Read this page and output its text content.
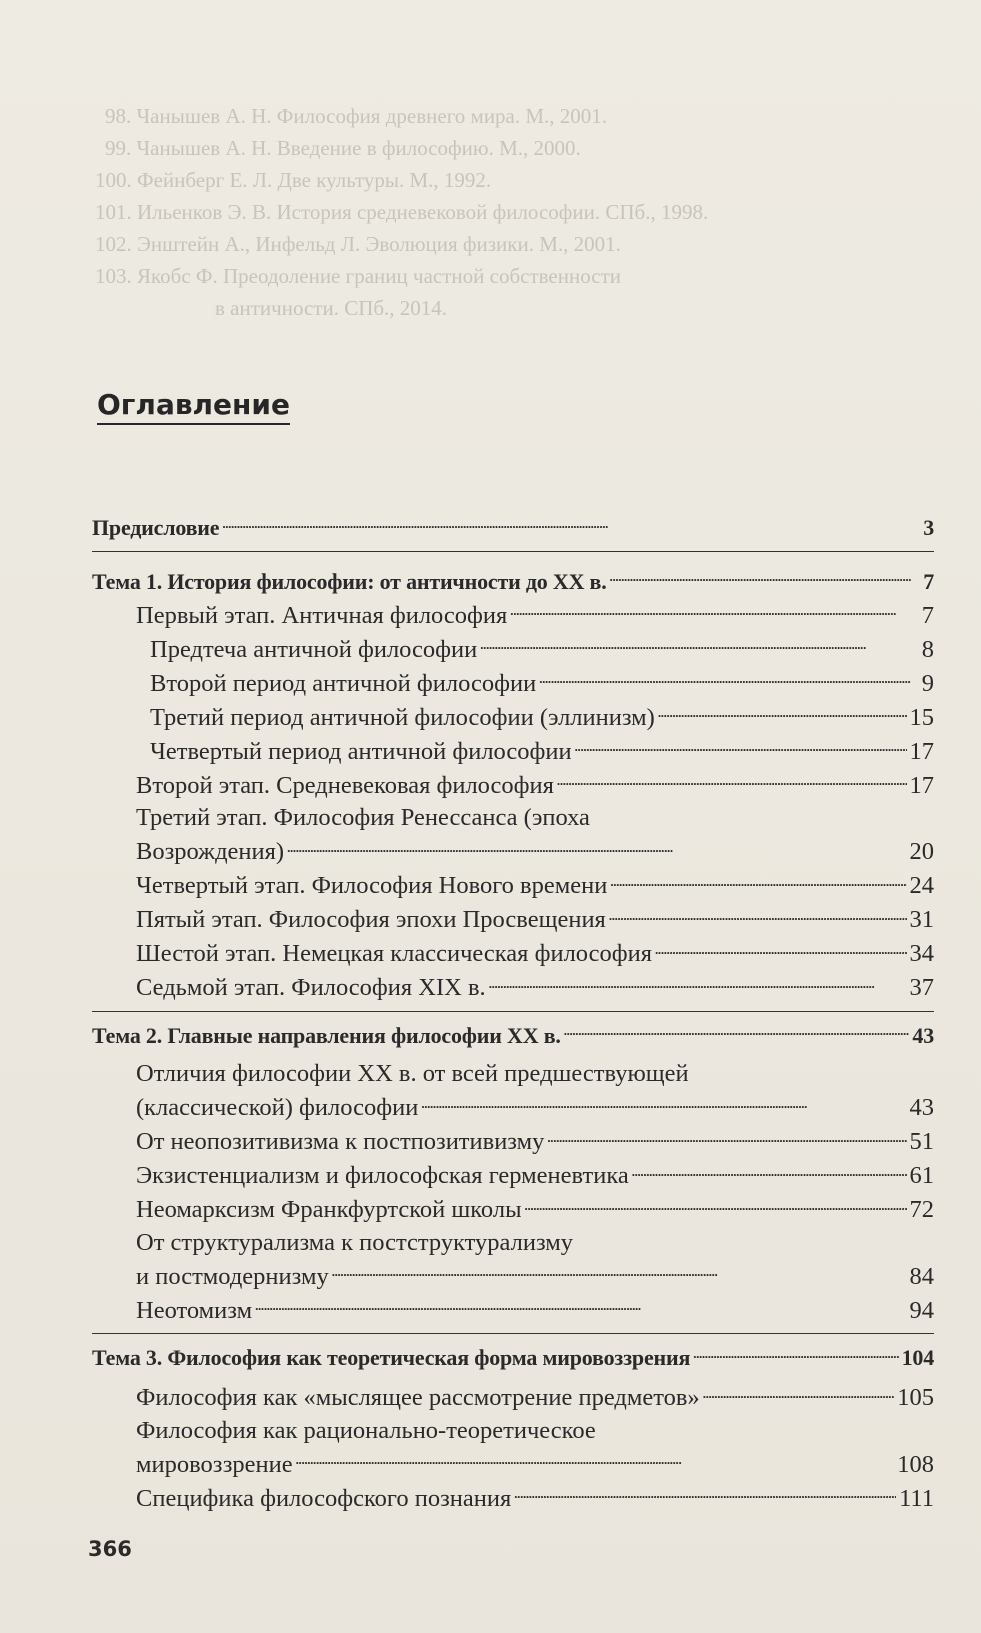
98. Чанышев А. Н. Философия древнего мира. М., 2001.
99. Чанышев А. Н. Введение в философию. М., 2000.
100. Фейнберг Е. Л. Две культуры. М., 1992.
101. Ильенков Э. В. История средневековой философии. СПб., 1998.
102. Энштейн А., Инфельд Л. Эволюция физики. М., 2001.
103. Якобс Ф. Преодоление границ частной собственности
в античности. СПб., 2014.
Оглавление
Предисловие . . .	3
Тема 1. История философии: от античности до XX в. . . .	7
Первый этап. Античная философия . . .	7
Предтеча античной философии . . .	8
Второй период античной философии . . .	9
Третий период античной философии (эллинизм) . . .	15
Четвертый период античной философии . . .	17
Второй этап. Средневековая философия . . .	17
Третий этап. Философия Ренессанса (эпоха
Возрождения) . . .	20
Четвертый этап. Философия Нового времени . . .	24
Пятый этап. Философия эпохи Просвещения . . .	31
Шестой этап. Немецкая классическая философия . . .	34
Седьмой этап. Философия XIX в. . . .	37
Тема 2. Главные направления философии XX в. . . .	43
Отличия философии XX в. от всей предшествующей
(классической) философии . . .	43
От неопозитивизма к постпозитивизму . . .	51
Экзистенциализм и философская герменевтика . . .	61
Неомарксизм Франкфуртской школы . . .	72
От структурализма к постструктурализму
и постмодернизму . . .	84
Неотомизм . . .	94
Тема 3. Философия как теоретическая форма мировоззрения . . .	104
Философия как «мыслящее рассмотрение предметов» . . .	105
Философия как рационально-теоретическое
мировоззрение . . .	108
Специфика философского познания . . .	111
366
